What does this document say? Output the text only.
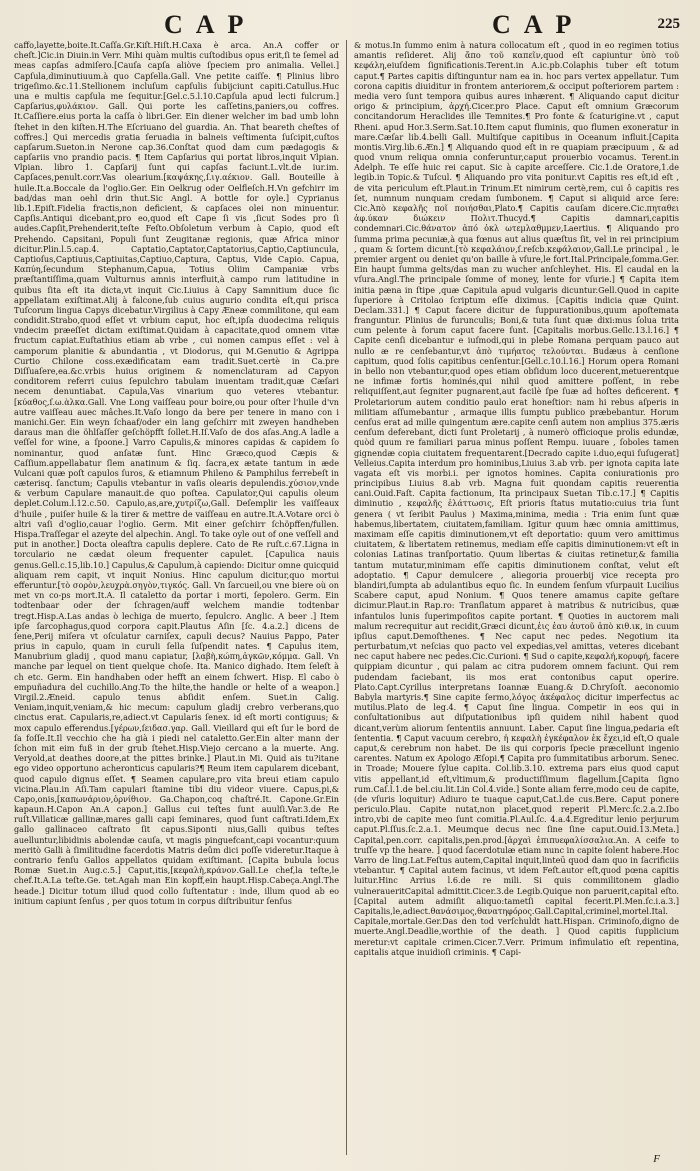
CAP	CAP	225

caffo,layette,boite.It.Caſſa.Gr.Kiſt.Hiſt.H.Caxa è arca. An.A coffer or cheſt.]Cic.in Diuin.in Verr. Mihi quàm multis cuſtodibus opus erit,ſi te ſemel ad meas capſas admiſero.[Cauſa capſa aliòve ſpeciem pro animalia. Vellei.] Capſula,diminutiuum.à quo Capſella.Gall. Vne petite caiſſe. ¶ Plinius libro trigeſimo.&c.11.Stellionem incluſum capſulis ſubijciunt capiti.Catullus.Huc una e multis capſula me ſequitur.[Gel.c.5.l.10.Capſula apud lecti fulcrum.] Capſarius,φυλάκιον. Gall. Qui porte les caſſetins,paniers,ou coffres. It.Caſſiere.eius porta la caſſa ò libri.Ger. Ein diener welcher im bad umb lohn ſtehet in den kiſten.H.The Eſcriuano del guardia. An. That beareth cheſtes of coffres.] Qui mercedis gratia ſeruadia in balneis veſtimenta ſuſcipit,cuſtos capſarum.Sueton.in Nerone cap.36.Conſtat quod dam cum pædagogis & capſariis vno prandio pacis. ¶ Item Capſarius qui portat libros,inquit Vlpian. Vlpian. libro 1. Capſarij ſunt qui capſas faciunt.L.vlt.de iur.im. Capſaces,penult.corr.Vas olearium.[καψάκης,ſ.ιγ.αέκιον. Gall. Bouteille à huile.It.a.Boccale da l'oglio.Ger. Ein Oelkrug oder Oelfleſch.H.Vn gefchirr im bad/das man oehl drin thut.Sic Angl. A bottle for oyle.] Cyprianus lib.1.Epiſt.Fidelia fractis,non deficient, & capſaces olei non minuentur. Capſis.Antiqui dicebant,pro eo,quod eſt Cape ſi vis ,ſicut Sodes pro ſi audes.Capſit,Prehenderit,teſte Feſto.Obſoletum verbum à Capio, quod eſt Prehendo. Capsitani, Populi ſunt Zeugitanæ regionis, quæ Africa minor dicitur.Plin.l.5.cap.4. Captatio,Captator,Captatorius,Captio,Captiuncula, Captioſus,Captiuus,Captiuitas,Captiuo,Captura, Captus, Vide Capio. Capua, Καπύη,ſecundum Stephanum,Capua, Totius Oliim Campaniæ vrbs præſtantiſſima,quam Vulturnus amnis interfluit,à campo rum latitudine in quibus ſita eſt ita dicta,vt inquit Cic.Liuius à Capy Samnitium duce ſic appellatam exiſtimat.Alij à falcone,ſub cuius augurio condita eſt,qui prisca Tuſcorum lingua Capys dicebatur.Virgilius à Capy Æneæ commilitone, qui eam condidit.Strabo,quod eſſet vt vrbium caput, hoc eſt,ipſa duodecima reliquis vndecim præeſſet dictam exiſtimat.Quidam à capacitate,quod omnem vitæ fructum capiat.Euſtathius etiam ab vrbe , cui nomen campus eſſet : vel à camporum planitie & abundantia , vt Diodorus, qui M.Genutio & Agrippa Curtio Chilone coss.exædificatam eam tradit.Suet.certè in Ca.pre Diſſuaſere,ea.&c.vrbis huius originem & nomenclaturam ad Capyon conditorem referri cuius ſepulchro tabulam inuentam tradit,quæ Cæſari necem denuntiabat. Capula,Vas vinarium quo veteres vtebantur.[κύαθος,ſ.ω.ὰλκα.Gall. Vne Long vaiſſeau pour boire,ou pour oſter l'huile d'vn autre vaiſſeau auec mâches.It.Vaſo longo da bere per tenere in mano con i manichi.Ger. Ein weyn ſchaaf/oder ein lang geſchirr mit zweyen handheben daraus man die öhlſaſſer geſchöpfft ſollet.H.Iſ.Vaſo de dos aſas.Ang.A ladle a veſſel for wine, a ſpoone.] Varro Capulis,& minores capidas & capidem ſo nominantur, quod anſatæ ſunt. Hinc Græco,quod Cæpis & Caſſium.appellabatur ſlem anatinum & ſiq. ſacra,ex ætate tantum in æde Vulcani quæ poſt capulos ſuros, & etiamnum Phileno & Pamphilus ferrebeſt in cæterisq. ſanctum; Capulis vtebantur in vaſis olearis depulendis.χύσιον,vnde & verbum Capulare manauit.de quo poſtea. Capulator,Qui capulis oleum deplet.Colum.l.12.c.50. Capulo,as,are,χυτρίζω,Gall. Deſemplir les vaiſſeaux d'huile , puiſer huile & la tirer & mettre de vaiſſeau en autre.It.A.Votare orci ò altri vaſi d'oglio,cauar l'oglio. Germ. Mit einer geſchirr ſchöpffen/fullen. Hispa.Traſſegar el azeyte del alpechin. Angl. To take oyle out of one veſſell and put in another.] Docta oleaſtra capulis deplere. Cato de Re ruſt.c.67.Ligna in torculario ne cædat oleum frequenter capulet. [Capulica nauis genus.Gell.c.15,lib.10.] Capulus,& Capulum,à capiendo: Dicitur omne quicquid aliquam rem capit, vt inquit Nonius. Hinc capulum dicitur,quo mortui efferuntur.[τὸ σορὸν,λευχρὰ.σηγὸν,τιγκός. Gall. Vn ſarcueil,ou vne biere où on met vn co-ps mort.It.A. Il cataletto da portar i morti, ſepolero. Germ. Ein todtenbaar oder der ſchragen/auff welchem mandie todtenbar tregt.Hisp.A.Las andas ò lechiga de muerto, ſepulcro. Anglic. A beer .] Item ipſe ſarcophagus,quod corpora capit.Plautus Aſin [ſc. 4.a.2.] dicens de ſene,Perij miſera vt oſculatur carniſex, capuli decus? Nauius Pappo, Pater prius in capulo, quam in curuli ſella ſuſpendit nates. ¶ Capulus item, Manubrium gladij , quod manu capiatur, [λαβὴ,κώπη,ἀγκῶν,κόμμα. Gall. Vn manche par lequel on tient quelque choſe. Ita. Manico dighado. Item ſeleſt à ch etc. Germ. Ein handhaben oder hefft an einem ſchwert. Hisp. El cabo ò empuñadura del cuchillo.Ang.To the hilte,the handle or helte of a weapon.] Virgil.2.Æneid. capulo tenus abſidit enſem. Suet.in Calig. Veniam,inquit,veniam,& hic mecum: capulum gladij crebro verberans,quo cinctus erat. Capularis,re,adiect.vt Capularis ſenex. id eſt morti contiguus; & mox capulo efferendus.[γέρων,ſειδασ.γαρ. Gall. Vieillard qui eſt ſur le bord de ſa foſſe.It.Il vecchio che ha già i piedi nel cataletto.Ger.Ein alter mann der ſchon mit eim fuß in der grub ſtehet.Hisp.Viejo cercano a la muerte. Ang. Veryold,at deathes doore,at the pittes brinke.] Plaut.in Mi. Quid ais tu?itane ego video opportuno acheronticus capularis?¶ Reum item capularem dicebant, quod capulo dignus eſſet. ¶ Seamen capulare,pro vita breui etiam capulo vicina.Plau.in Aſi.Tam capulari ſtamine tibi diu videor viuere. Capus,pi,& Capo,onis,[καπωνάριον,ὀρνίθιον. Ga.Chapon,coq chaſtré.It. Capone.Gr.Ein kapaun.H.Capon An.A capon.] Gallus cui teſtes ſunt auulſi.Var.3.de Re ruſt.Villaticæ gallinæ,mares galli capi ſeminares, quod ſunt caſtrati.Idem,Ex gallo gallinaceo caſtrato ſit capus.Siponti nius,Galli quibus teſtes auelluntur,libidinis abolendæ cauſa, vt magis pinguefcant,capi vocantur:quum meritò Galli à ſimilitudine facerdotis Matris deûm dici poſſe videretur.Itaque à contrario fenſu Gallos appellatos quidam exiſtimant. [Capita bubula locus Romæ Suet.in Aug.c.5.] Caput,itis,[κεφαλὴ,κράνον.Gall.Le chef,la teſte,le chef.It.A.La teſte.Ge. tet.Agah man Ein kopff,ein haupt.Hisp.Cabeça.Angl.The heade.] Dicitur totum illud quod collo ſuſtentatur : inde, illum quod ab eo initium capiunt ſenſus , per quos totum in corpus diſtribuitur ſenſus

& motus.In ſummo enim à natura collocatum eſt , quod in eo regimen totius amantis reſideret. Alij ἄπο τοῦ καπεῖν,quod eſt capiuntur ὑπὸ τοῦ κεφάλη,eiuſdem ſignificationis.Terent.in A.ic.pb.Colaphis tuber eſt totum caput.¶ Partes capitis diſtinguntur nam ea in. hoc pars vertex appellatur. Tum corona capitis diuiditur in frontem anteriorem,& occiput poſteriorem partem : media vero ſunt tempora quibus aures inhærent. ¶ Aliquando caput dicitur origo & principium, ἀρχή.Cicer.pro Place. Caput eſt omnium Græcorum concitandorum Heraclides ille Temnites.¶ Pro fonte & ſcaturigine.vt , caput Rheni. apud Hor.3.Serm.Sat.10.Item caput fluminis, quo flumen exoneratur in mare.Cæſar lib.4.belli Gall. Multiſque capitibus in Oceanum influit.[Capita montis.Virg.lib.6.Æn.] ¶ Aliquando quod eſt in re quapiam præcipuum , & ad quod vnum reliqua omnia conferuntur,caput prouerbio vocamus. Terent.in Adelph. Te eſſe huic rei caput. Sic à capite arceſſere. Cic.1.de Oratore,1.de legib.in Topic.& Tuſcul. ¶ Aliquando pro vita ponitur.vt Capitis res eſt,id eſt , de vita periculum eſt.Plaut.in Trinum.Et nimirum certè,rem, cui ô capitis res ſet, numnum nunquam credam ſumbonem. ¶ Caput si aliquid arce ſere: Cic.Ἀπὸ κεφαλῆς ποῖ ποιήσθαι,Plato.¶ Capitis cauſam dicere.Cic.πηταθει ἀφ.ύκαν διώκειν Πολιτ.Thucyd.¶ Capitis damnari,capitis condemnari.Cic.θάνατον ἀπό ὁκλ ωτεμλαθμμεν,Laertius. ¶ Aliquando pro ſumma prima pecuniæ,à qua fœnus aut alius quæſtus ſit, vel in rei principium , quam & ſortem dicunt.[τὸ κεφαλάιον,ſ.reſcb.κεφάλαιον,Gall.Le principal , le premier argent ou deniet qu'on baille à vſure,le fort.Ital.Principale,ſomma.Ger. Ein haupt ſumma gelts/das man zu wucher anſchleyhet. His. El caudal en la vſura.Angl.The principale ſomme of money, lente for vſurie.] ¶ Capita item initia pæna in ſtipe ,quæ Capitula apud vulgaris dicuntur.Gell.Quod in capite ſuperiore à Critolao ſcriptum eſſe diximus. [Capitis indicia quæ Quint. Declam.331.] ¶ Caput facere dicitur de ſuppurationibus,quum apoſtemata franguntur. Plinius de furunculis; Boni,& tuta ſunt quæ dixi:mus ſolua trita cum pelente à forum caput facere ſunt. [Capitalis morbus.Gellc.13.l.16.] ¶ Capite cenſi dicebantur e iuſmodi,qui in plebe Romana perquam pauco aut nullo æ re cenſebantur,vt ἀπὸ τιμήατος τελούνται. Budæus à cenſione capitum, quod ſolis capitibus cenſentur.[Gell.c.10.l.16.] Horum opera Romani in bello non vtebantur,quod opes etiam obſidum loco ducerent,metuerentque ne infimæ fortis hominés,qui nihil quod amittere poſſent, in rebe reliquiſſent,aut ſegniter pugnarent,aut facilè ſpe ſuæ ad hoſtes deficerent. ¶ Proletariorum autem conditio paulo erat honeſtior: nam hi rebus aſperis in militiam aſſumebantur , armaque illis ſumptu publico præbebantur. Horum cenſus erat ad mille quingentum ære.capite cenſi autem non amplius 375.æris cenſum deferebant, dicti ſunt Proletarij , à numerò officioque prolis edundæ, quòd quum re familiari parua minus poſſent Rempu. iuuare , ſoboles tamen gignendæ copia ciuitatem frequentarent.[Decrado capite i.duo,equi ſuſugerat] Velleius.Capita interdum pro hominibus,Liuius 3.ab vrb. per ignota capita late vagata eſt vis morbi.i. per ignotos homines. Capita coniurationis pro principibus Liuius 8.ab vrb. Magna fuit quondam capitis reuerentia cani.Ouid.Faſt. Capita factionum, Ita principaux Suetan Tib.c.17.] ¶ Capitis diminutio , κεφαλῆς ἐλάττωσις, Eſt prioris ſtatus mutatio:cuius tria ſunt genera ( vt ſeribit Paulus ) Maxima,minima, media : Tria enim ſunt quæ habemus,libertatem, ciuitatem,familiam. Igitur quum hæc omnia amittimus, maximam eſſe capitis diminutionem,vt eſt deportatio: quum vero amittimus ciuitatem, & libertatem retinemus, mediam eſſe capitis diminutionem:vt eſt in colonias Latinas tranſportatio. Quum libertas & ciuitas retinetur,& familia tantum mutatur,minimam eſſe capitis diminutionem conſtat, velut eſt adoptatio. ¶ Capur demulcere , aliegoria prouerbij vice recepta pro blandiri,ſumpta ab adulantibus equo ſic. In eundem ſenſum vſurpauit Lucilius Scabere caput, apud Nonium. ¶ Quos tenere amamus capite geſtare dicimur.Plaut.in Rap.ro: Tranſlatum apparet à matribus & nutricibus, quæ infantulos lunis ſuperimpoſitos capite portant. ¶ Quoties in auctorem mali malum recrequitur aut recidit,Græci dicunt,ἐις ἐαυ ἀυτοῦ ἀπὸ κιθ.ικ, in cuum ipſius caput.Demoſthenes. ¶ Nec caput nec pedes. Negotium ita perturbatum,vt neſcias quo pacto vel expedias,vel amittas, veteres dicebant nec caput habere nec pedes.Cic.Curioni. ¶ Sud o capite,κεφαλή,κορυφή, facere quippiam dicuntur , qui palam ac citra pudorem omnem faciunt. Qui rem pudendam faciebant, iis mos erat contonibus caput operire. Plato.Capt.Cyrillus interpretans Ioannæ Euang.& D.Chryſoſt. aeconomio Babyla martyris.¶ Sine capite ſermo,λόγος ἀκέφαλος dicitur imperfectus ac mutilus.Plato de leg.4. ¶ Caput ſine lingua. Competir in eos qui in conſultationibus aut diſputationibus ipſi quidem nihil habent quod dicant,verùm aliorum ſententiis annuunt. Laber. Caput ſine lingua,pedaria eſt ſententia. ¶ Caput vacuum cerebro, ἡ κεφαλὴ ἐγκέφαλον ἐκ ἔχει,id eſt,O quale caput,& cerebrum non habet. De iis qui corporis ſpecie præcellunt ingenio carentes. Natum ex Apologo Æſopi.¶ Capita pro ſummitatibus arborum. Senec. in Troade; Mouere ſylue capita. Col.lib.3.10. extrema pars eius quod caput vitis appellant,id eſt,vltimum,& productiſſimum flagellum.[Capita ſigno rum.Caſ.l.1.de bel.ciu.lit.Lin Col.4.vide.] Sonte aliam ferre,modo ceu de capite,(de vſuris loquitur) Adiuro te tuaque caput,Cat.l.de cus.Bere. Caput ponere periculo.Plau. Capite nutat,non placet,quod reperit Pl.Merc.ſc.2.a.2.Ibo intro,vbi de capite meo ſunt comitia.Pl.Aul.ſc. 4.a.4.Egreditur lenio perjurum caput.Pl.ſſus.ſc.2.a.1. Meumque decus nec ſine ſine caput.Ouid.13.Meta.] Capital,pen.corr. capitalis,pen.prod.[ἀρχαὶ ἐπιπυεφαλίσσαλια.An. A ceife to truſſe vp the heare. ] quod ſacerdotulæ etiam nunc in capite ſolent habere.Hoc Varro de ling.Lat.Feſtus autem,Capital inquit,linteū quod dam quo in ſacrificiis vtebantur. ¶ Capital autem facinus, vt idem Feſt.autor eſt,quod pœna capitis luitur.Hinc Arrius l.6.de re mili. Si quis commilitonem gladio vulneraueritCapital admittit.Cicer.3.de Legib.Quique non paruerit,capital eſto. [Capital autem admiſit aliquo:tametſi capital fecerit.Pl.Men.ſc.i.a.3.] Capitalis,le,adiect.θανάσιμος,θανατηφόρος.Gall.Capital,criminel,mortel.Ital. Capitale,mortale.Ger.Das den tod verſchuldt hatt.Hispan. Criminoſo,digno de muerte.Angl.Deadlie,worthie of the death. ] Quod capitis ſupplicium meretur:vt capitale crimen.Cicer.7.Verr. Primum infimulatio eſt repentina, capitalis atque inuidioſi criminis. ¶ Capi-

F
